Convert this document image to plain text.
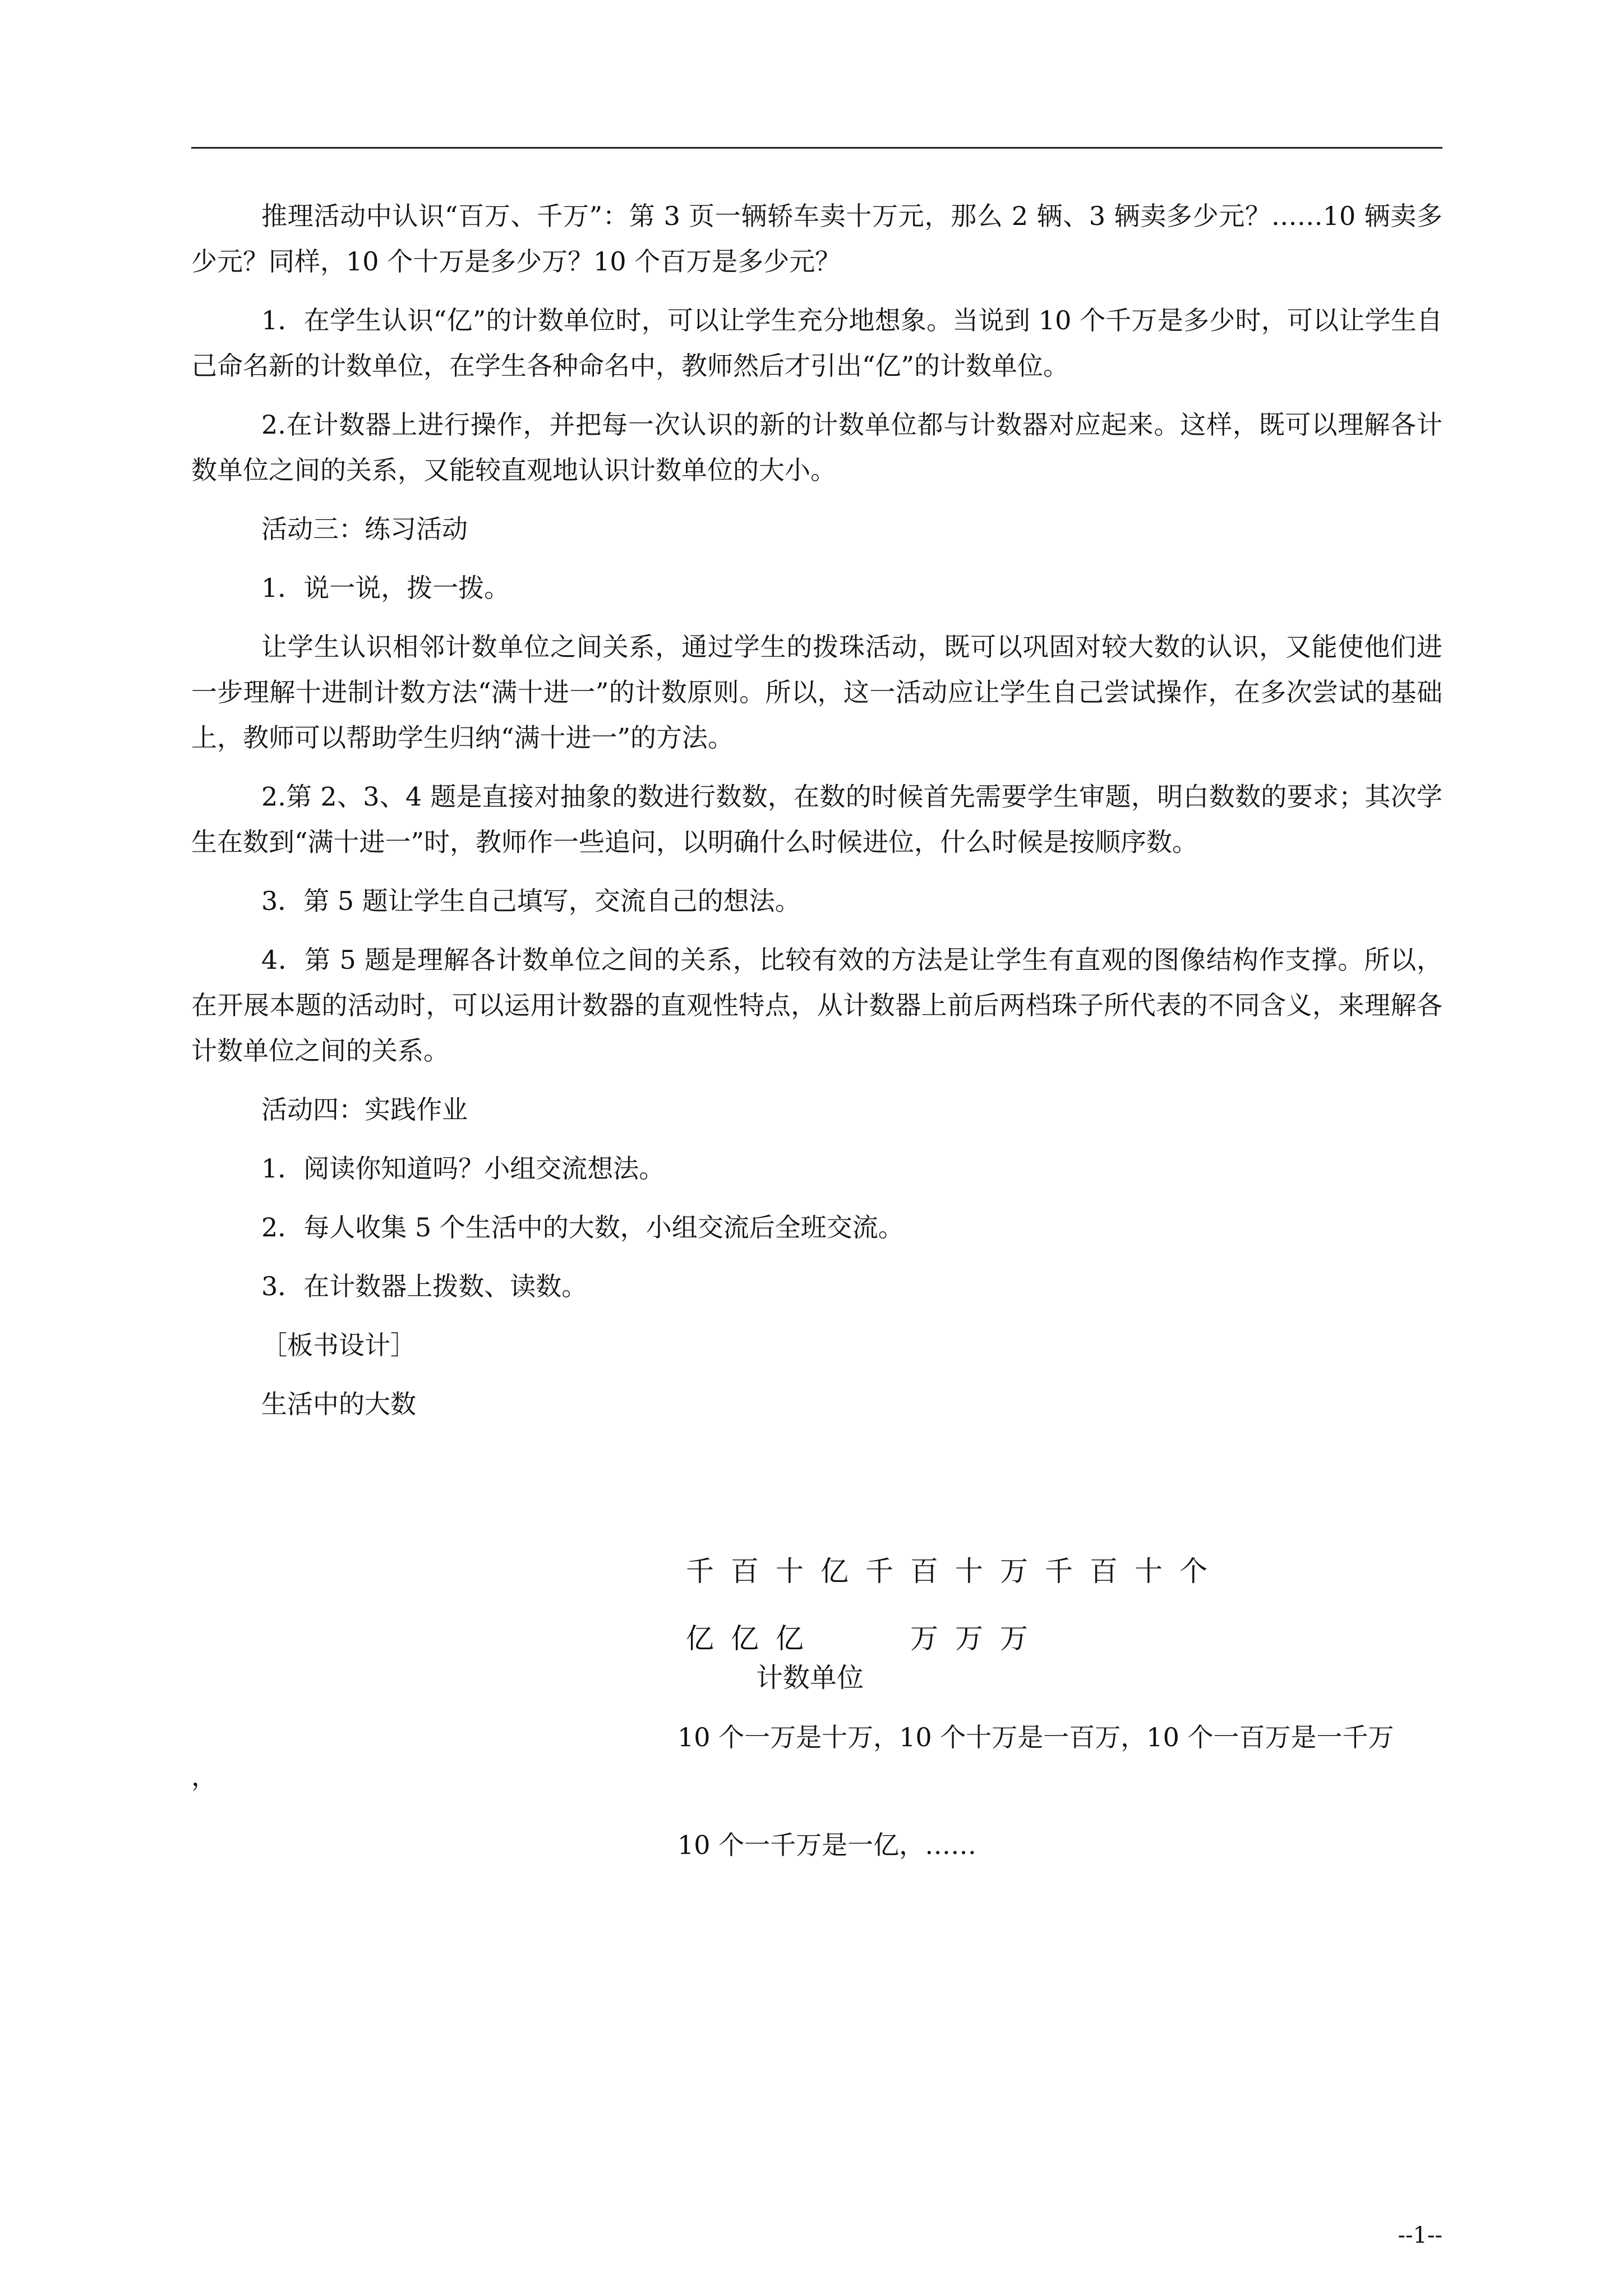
推理活动中认识“百万、千万”：第 3 页一辆轿车卖十万元，那么 2 辆、3 辆卖多少元？……10 辆卖多少元？同样，10 个十万是多少万？10 个百万是多少元？

1．在学生认识“亿”的计数单位时，可以让学生充分地想象。当说到 10 个千万是多少时，可以让学生自己命名新的计数单位，在学生各种命名中，教师然后才引出“亿”的计数单位。

2.在计数器上进行操作，并把每一次认识的新的计数单位都与计数器对应起来。这样，既可以理解各计数单位之间的关系，又能较直观地认识计数单位的大小。

活动三：练习活动

1．说一说，拨一拨。

让学生认识相邻计数单位之间关系，通过学生的拨珠活动，既可以巩固对较大数的认识，又能使他们进一步理解十进制计数方法“满十进一”的计数原则。所以，这一活动应让学生自己尝试操作，在多次尝试的基础上，教师可以帮助学生归纳“满十进一”的方法。

2.第 2、3、4 题是直接对抽象的数进行数数，在数的时候首先需要学生审题，明白数数的要求；其次学生在数到“满十进一”时，教师作一些追问，以明确什么时候进位，什么时候是按顺序数。

3．第 5 题让学生自己填写，交流自己的想法。

4．第 5 题是理解各计数单位之间的关系，比较有效的方法是让学生有直观的图像结构作支撑。所以，在开展本题的活动时，可以运用计数器的直观性特点，从计数器上前后两档珠子所代表的不同含义，来理解各计数单位之间的关系。

活动四：实践作业

1．阅读你知道吗？小组交流想法。

2．每人收集 5 个生活中的大数，小组交流后全班交流。

3．在计数器上拨数、读数。

［板书设计］

生活中的大数

千 百 十 亿 千 百 十 万 千 百 十 个
亿 亿 亿	万 万 万
计数单位
10 个一万是十万，10 个十万是一百万，10 个一百万是一千万
，
10 个一千万是一亿，……
--1--
